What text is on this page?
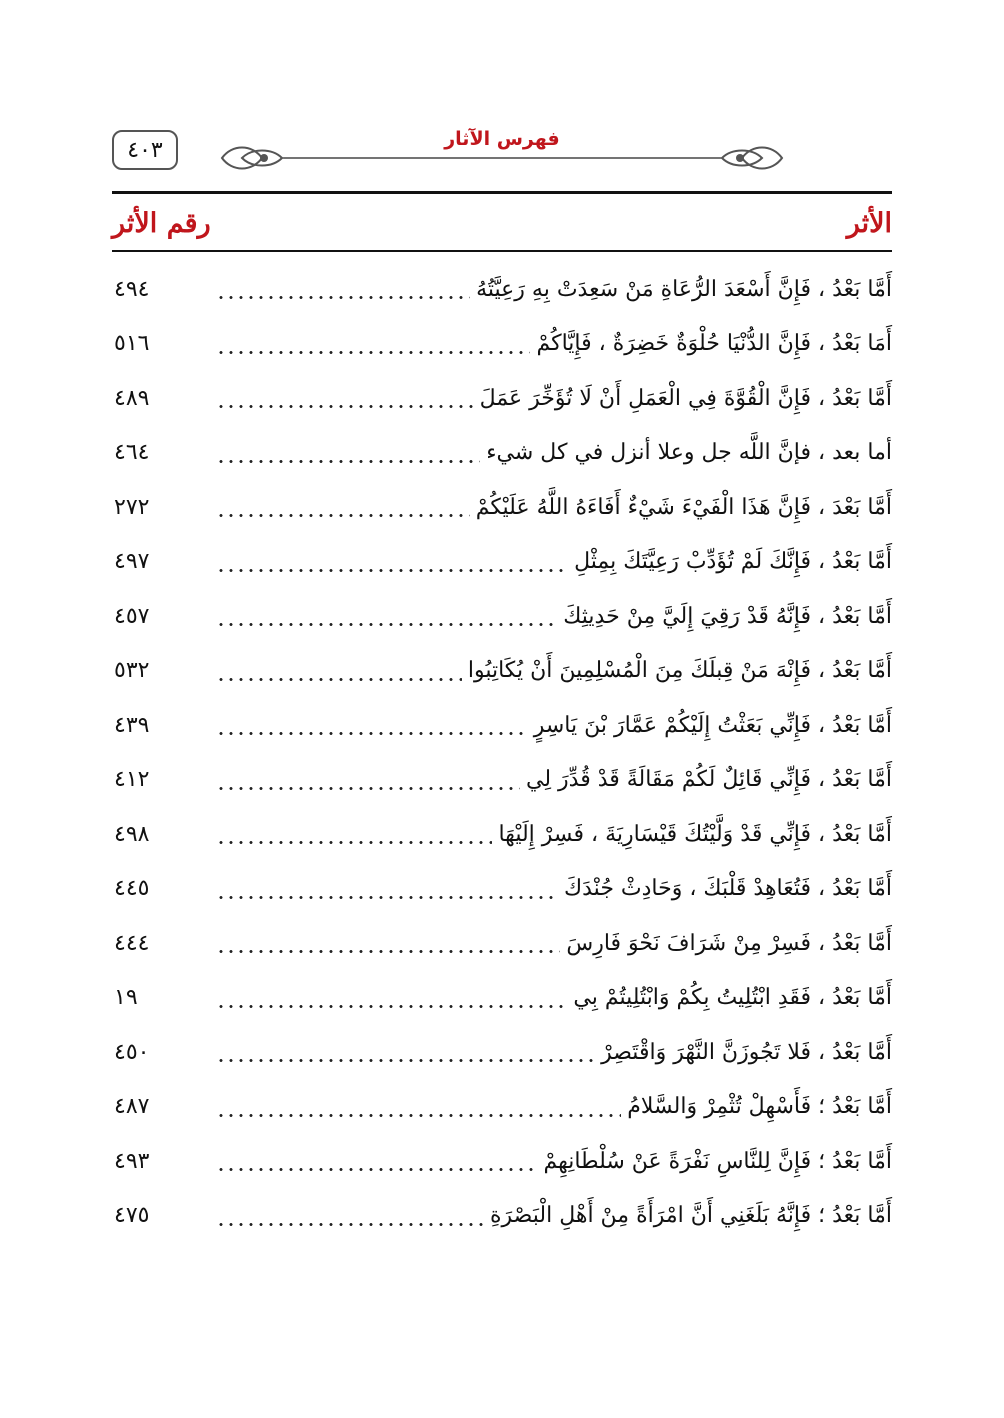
٤٠٣	فهرس الآثار
الأثر
رقم الأثر
٤٩٤	أَمَّا بَعْدُ ، فَإِنَّ أَسْعَدَ الرُّعَاةِ مَنْ سَعِدَتْ بِهِ رَعِيَّتُهُ
٥١٦	أَمَا بَعْدُ ، فَإِنَّ الدُّنْيَا حُلْوَةٌ خَضِرَةٌ ، فَإِيَّاكُمْ
٤٨٩	أَمَّا بَعْدُ ، فَإِنَّ الْقُوَّةَ فِي الْعَمَلِ أَنْ لَا تُؤَخِّرَ عَمَلَ
٤٦٤	أما بعد ، فإنَّ اللَّه جل وعلا أنزل في كل شيء
٢٧٢	أَمَّا بَعْدَ ، فَإِنَّ هَذَا الْفَيْءَ شَيْءٌ أَفَاءَهُ اللَّهُ عَلَيْكُمْ
٤٩٧	أَمَّا بَعْدُ ، فَإِنَّكَ لَمْ تُؤَدِّبْ رَعِيَّتَكَ بِمِثْلِ
٤٥٧	أَمَّا بَعْدُ ، فَإِنَّهُ قَدْ رَقِيَ إِلَيَّ مِنْ حَدِيثِكَ
٥٣٢	أَمَّا بَعْدُ ، فَإِنْهَ مَنْ قِبلَكَ مِنَ الْمُسْلِمِينَ أَنْ يُكَاتِبُوا
٤٣٩	أَمَّا بَعْدُ ، فَإِنِّي بَعَثْتُ إِلَيْكُمْ عَمَّارَ بْنَ يَاسِرٍ
٤١٢	أَمَّا بَعْدُ ، فَإِنِّي قَائِلٌ لَكُمْ مَقَالَةً قَدْ قُدِّرَ لِي
٤٩٨	أَمَّا بَعْدُ ، فَإِنِّي قَدْ وَلَّيْتُكَ قَيْسَارِيَةَ ، فَسِرْ إِلَيْهَا
٤٤٥	أَمَّا بَعْدُ ، فَتُعَاهِدْ قَلْبَكَ ، وَحَادِثْ جُنْدَكَ
٤٤٤	أَمَّا بَعْدُ ، فَسِرْ مِنْ شَرَافَ نَحْوَ فَارِسَ
١٩	أَمَّا بَعْدُ ، فَقَدِ ابْتُلِيتُ بِكُمْ وَابْتُلِيتُمْ بِي
٤٥٠	أَمَّا بَعْدُ ، فَلا تَجُوزَنَّ النَّهْرَ وَاقْتَصِرْ
٤٨٧	أَمَّا بَعْدُ ؛ فَأَسْهِلْ تُثْمِرْ وَالسَّلامُ
٤٩٣	أَمَّا بَعْدُ ؛ فَإِنَّ لِلنَّاسِ نَفْرَةً عَنْ سُلْطَانِهِمْ
٤٧٥	أَمَّا بَعْدُ ؛ فَإِنَّهُ بَلَغَنِي أَنَّ امْرَأَةً مِنْ أَهْلِ الْبَصْرَةِ
